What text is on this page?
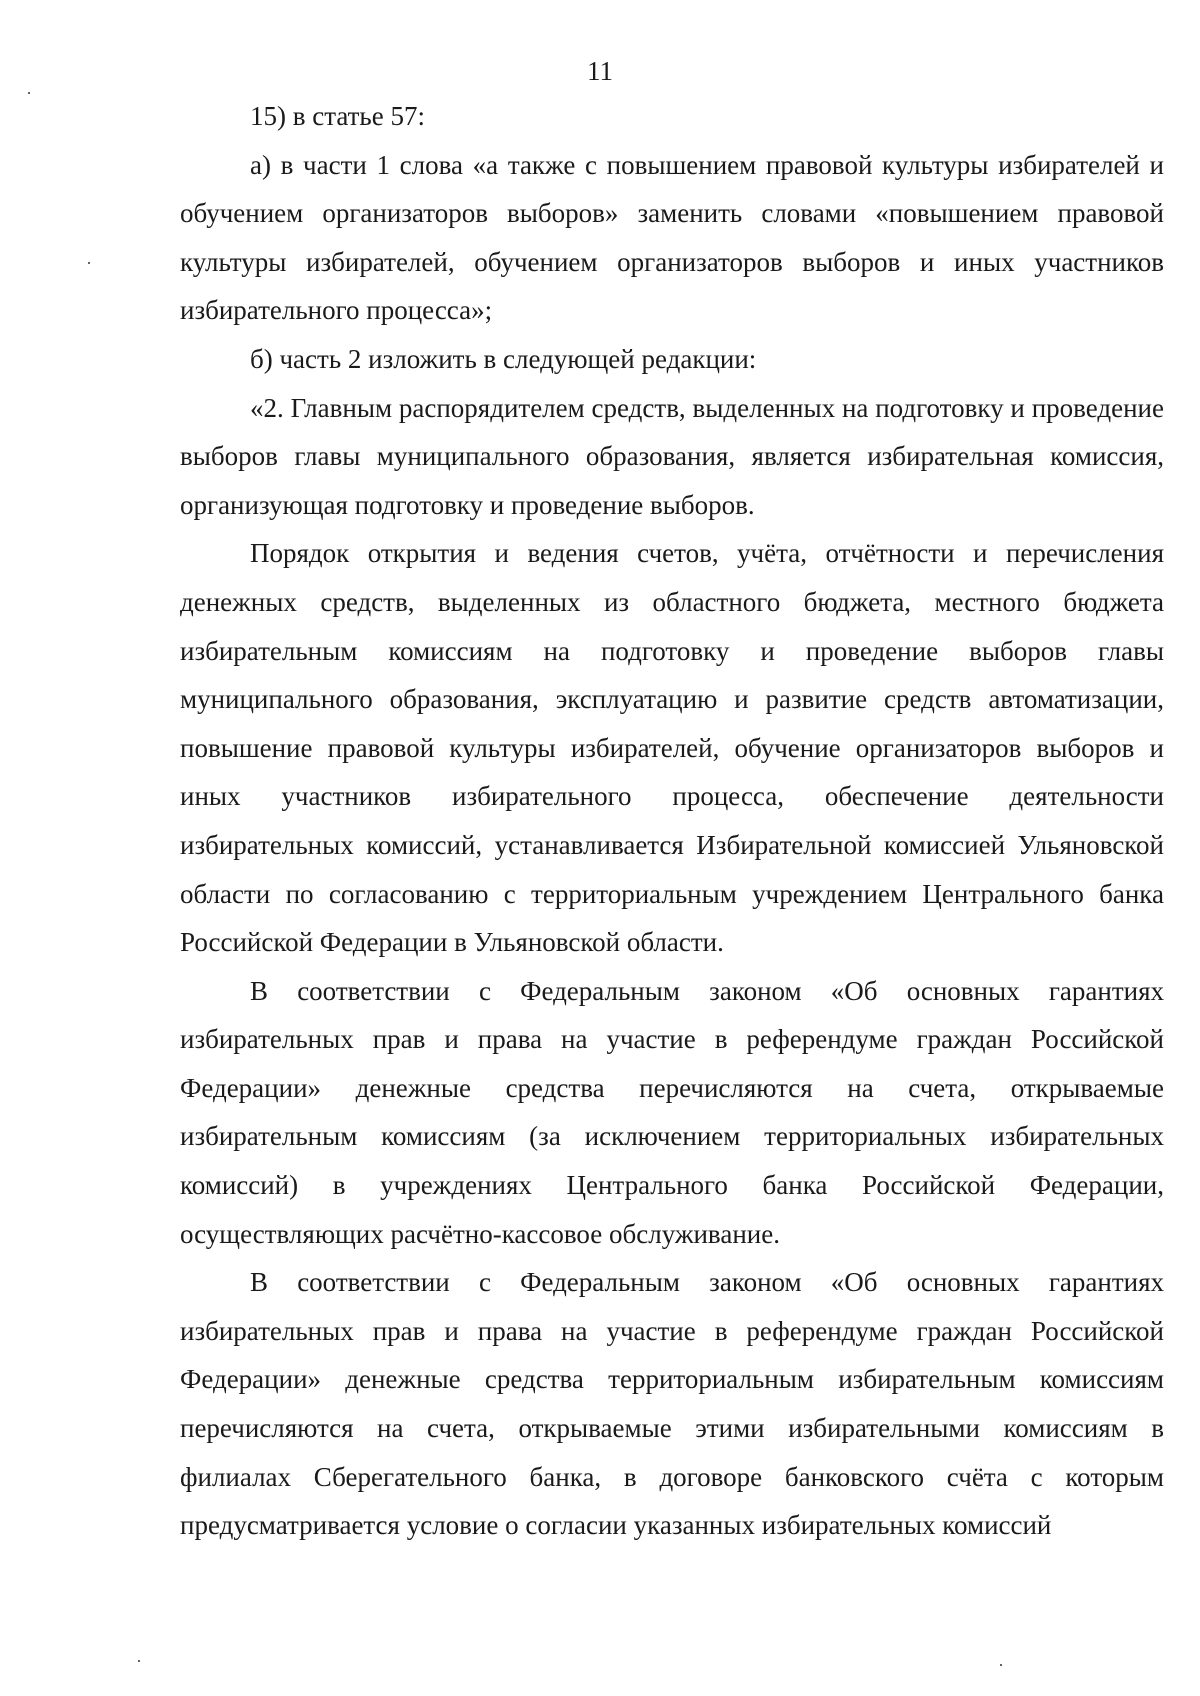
11

15) в статье 57:

а) в части 1 слова «а также с повышением правовой культуры избирателей и обучением организаторов выборов» заменить словами «повышением правовой культуры избирателей, обучением организаторов выборов и иных участников избирательного процесса»;

б) часть 2 изложить в следующей редакции:

«2. Главным распорядителем средств, выделенных на подготовку и проведение выборов главы муниципального образования, является избирательная комиссия, организующая подготовку и проведение выборов.

Порядок открытия и ведения счетов, учёта, отчётности и перечисления денежных средств, выделенных из областного бюджета, местного бюджета избирательным комиссиям на подготовку и проведение выборов главы муниципального образования, эксплуатацию и развитие средств автоматизации, повышение правовой культуры избирателей, обучение организаторов выборов и иных участников избирательного процесса, обеспечение деятельности избирательных комиссий, устанавливается Избирательной комиссией Ульяновской области по согласованию с территориальным учреждением Центрального банка Российской Федерации в Ульяновской области.

В соответствии с Федеральным законом «Об основных гарантиях избирательных прав и права на участие в референдуме граждан Российской Федерации» денежные средства перечисляются на счета, открываемые избирательным комиссиям (за исключением территориальных избирательных комиссий) в учреждениях Центрального банка Российской Федерации, осуществляющих расчётно-кассовое обслуживание.

В соответствии с Федеральным законом «Об основных гарантиях избирательных прав и права на участие в референдуме граждан Российской Федерации» денежные средства территориальным избирательным комиссиям перечисляются на счета, открываемые этими избирательными комиссиям в филиалах Сберегательного банка, в договоре банковского счёта с которым предусматривается условие о согласии указанных избирательных комиссий
